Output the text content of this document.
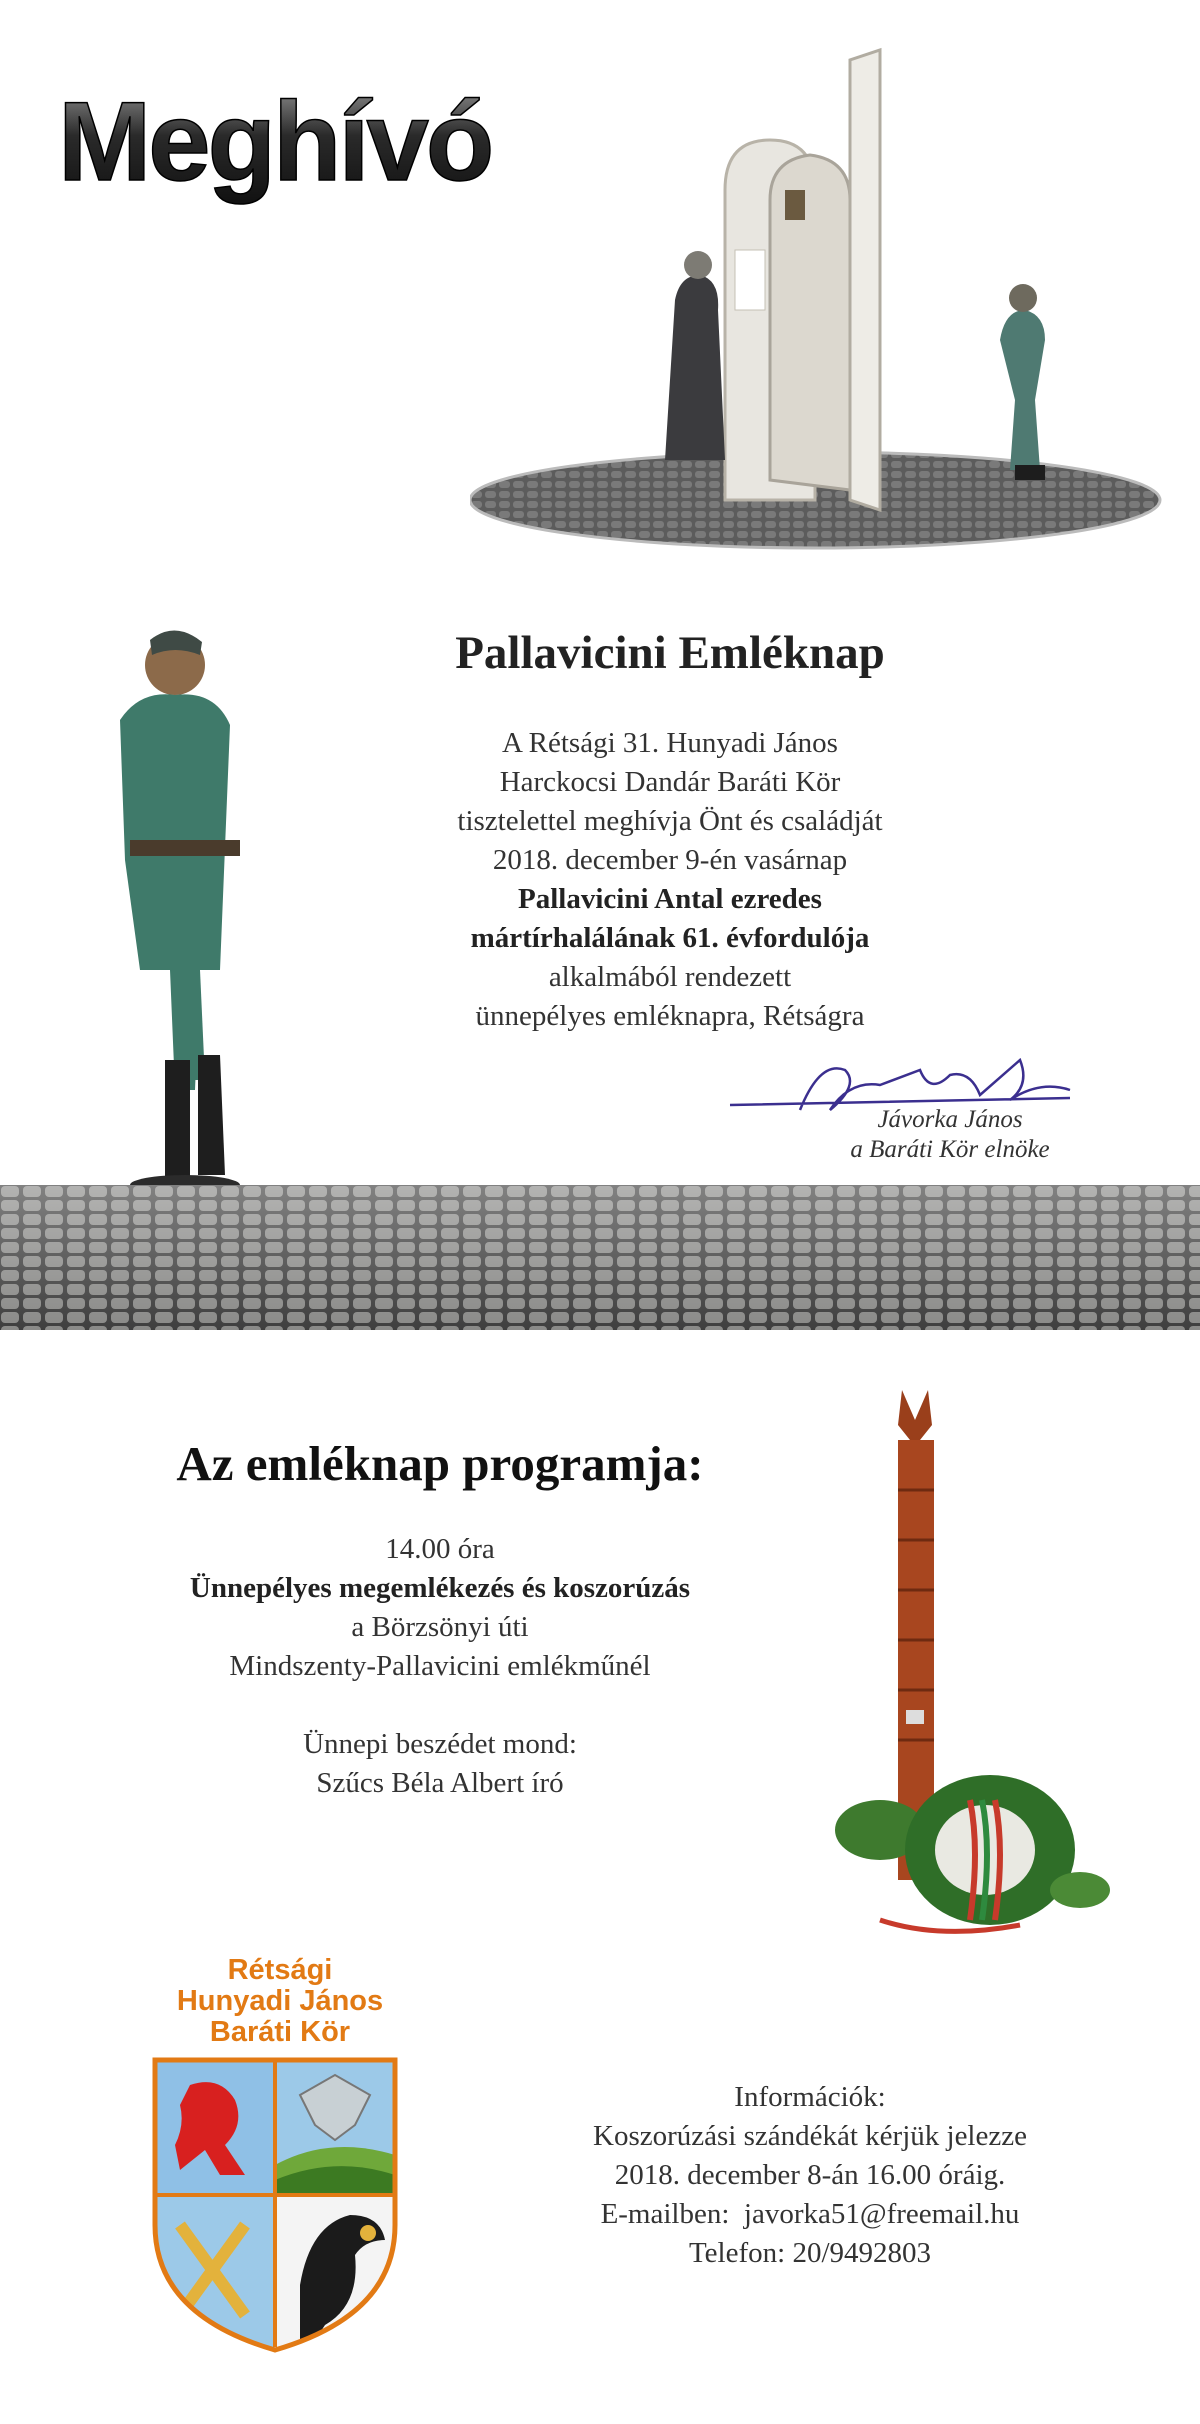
Meghívó
Pallavicini Emléknap
A Rétsági 31. Hunyadi János
Harckocsi Dandár Baráti Kör
tisztelettel meghívja Önt és családját
2018. december 9-én vasárnap
Pallavicini Antal ezredes
mártírhalálának 61. évfordulója
alkalmából rendezett
ünnepélyes emléknapra, Rétságra
Jávorka János
a Baráti Kör elnöke
Az emléknap programja:
14.00 óra
Ünnepélyes megemlékezés és koszorúzás
a Börzsönyi úti
Mindszenty-Pallavicini emlékműnél
Ünnepi beszédet mond:
Szűcs Béla Albert író
Rétsági
Hunyadi János
Baráti Kör
Információk:
Koszorúzási szándékát kérjük jelezze
2018. december 8-án 16.00 óráig.
E-mailben: javorka51@freemail.hu
Telefon: 20/9492803
